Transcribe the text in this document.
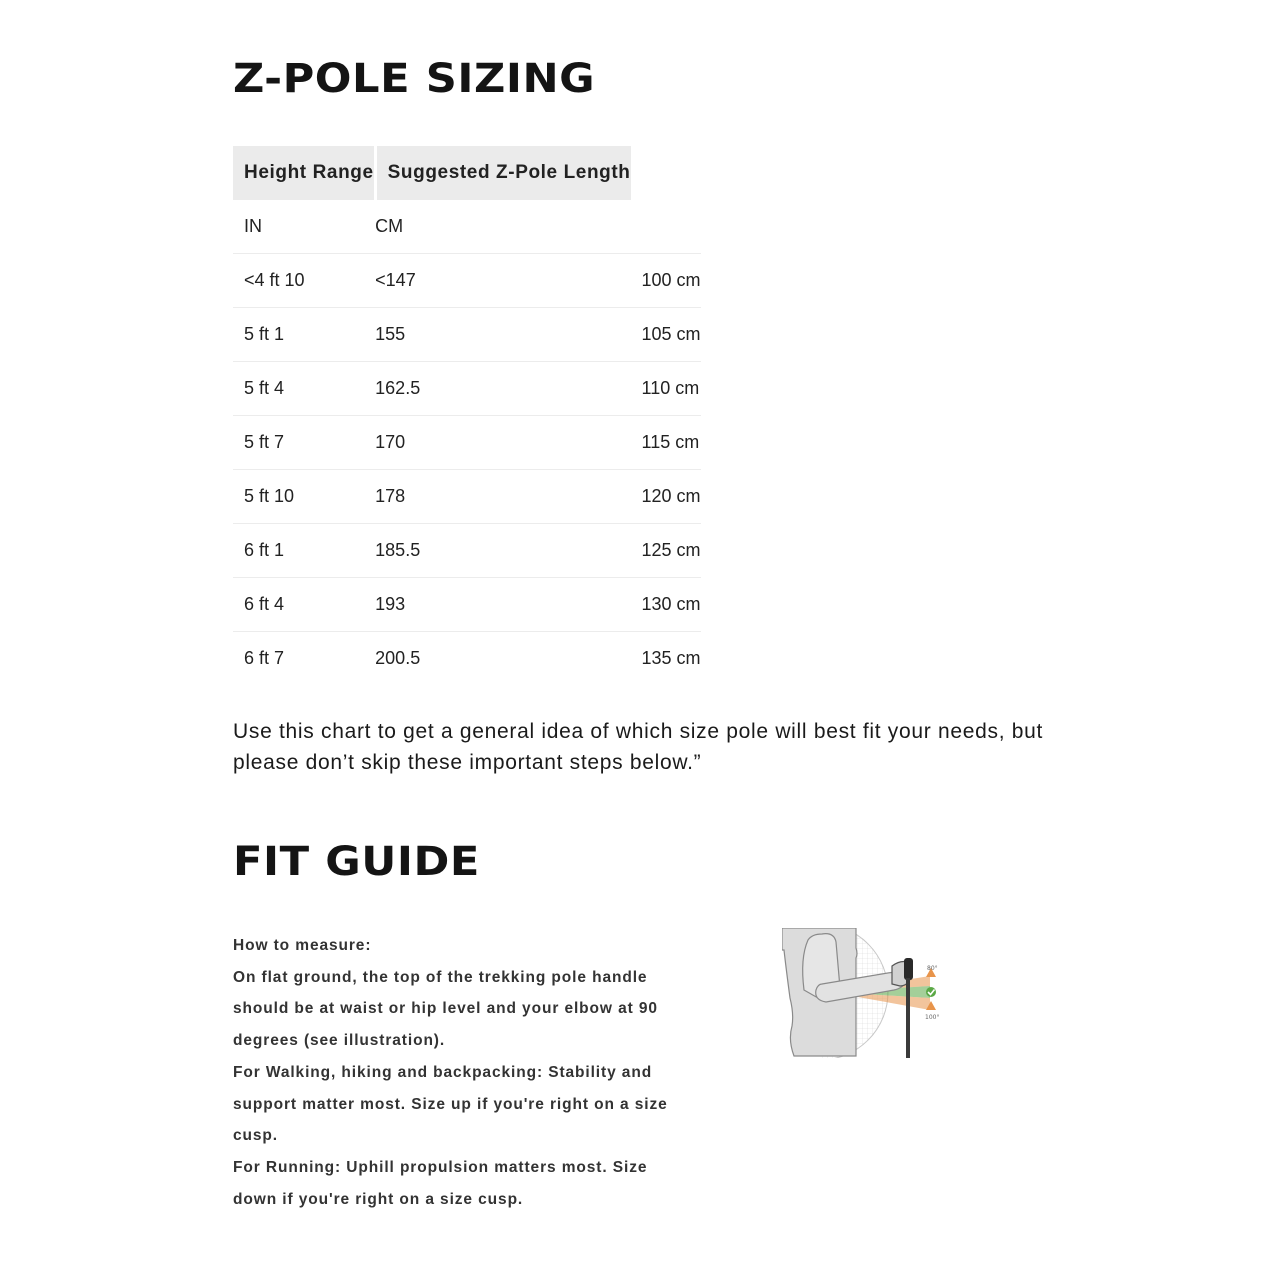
Z-POLE SIZING
Height Range	Suggested Z-Pole Length	
IN	CM	
<4 ft 10	<147	100 cm
5 ft 1	155	105 cm
5 ft 4	162.5	110 cm
5 ft 7	170	115 cm
5 ft 10	178	120 cm
6 ft 1	185.5	125 cm
6 ft 4	193	130 cm
6 ft 7	200.5	135 cm

Use this chart to get a general idea of which size pole will best fit your needs, but please don’t skip these important steps below.”

FIT GUIDE
How to measure:
On flat ground, the top of the trekking pole handle should be at waist or hip level and your elbow at 90 degrees (see illustration).
For Walking, hiking and backpacking: Stability and support matter most. Size up if you're right on a size cusp.
For Running: Uphill propulsion matters most. Size down if you're right on a size cusp.
80°
100°
